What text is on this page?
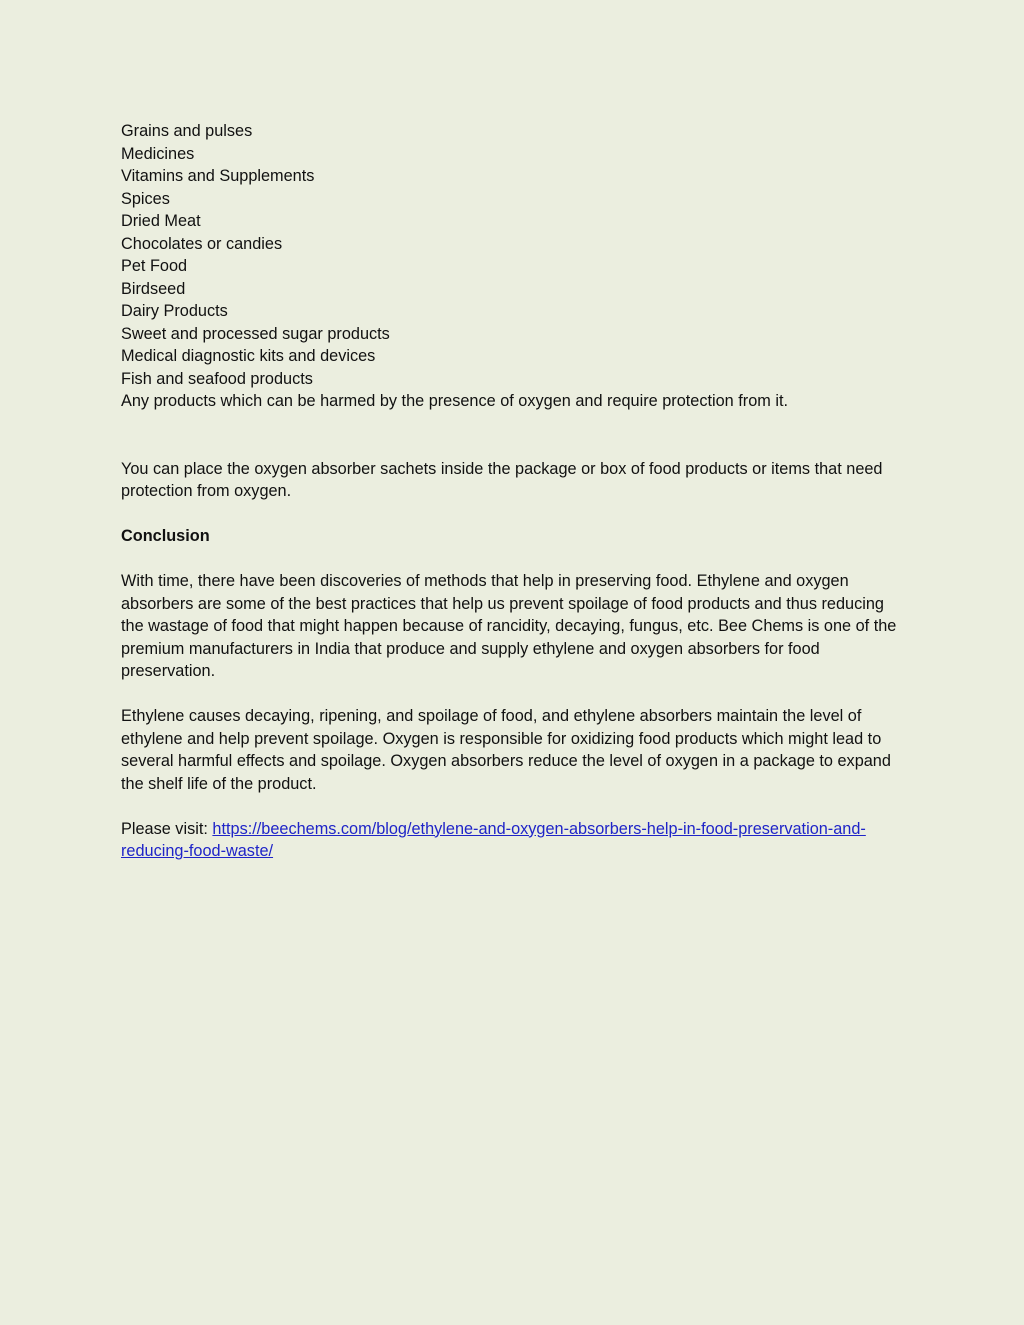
Grains and pulses
Medicines
Vitamins and Supplements
Spices
Dried Meat
Chocolates or candies
Pet Food
Birdseed
Dairy Products
Sweet and processed sugar products
Medical diagnostic kits and devices
Fish and seafood products
Any products which can be harmed by the presence of oxygen and require protection from it.

You can place the oxygen absorber sachets inside the package or box of food products or items that need protection from oxygen.

Conclusion

With time, there have been discoveries of methods that help in preserving food. Ethylene and oxygen absorbers are some of the best practices that help us prevent spoilage of food products and thus reducing the wastage of food that might happen because of rancidity, decaying, fungus, etc. Bee Chems is one of the premium manufacturers in India that produce and supply ethylene and oxygen absorbers for food preservation.

Ethylene causes decaying, ripening, and spoilage of food, and ethylene absorbers maintain the level of ethylene and help prevent spoilage. Oxygen is responsible for oxidizing food products which might lead to several harmful effects and spoilage. Oxygen absorbers reduce the level of oxygen in a package to expand the shelf life of the product.

Please visit: https://beechems.com/blog/ethylene-and-oxygen-absorbers-help-in-food-preservation-and-reducing-food-waste/
